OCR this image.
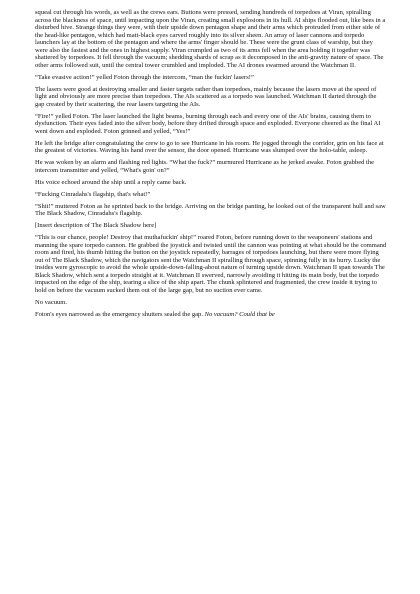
squeal cut through his words, as well as the crews ears. Buttons were pressed, sending hundreds of torpedoes at Viran, spiralling across the blackness of space, until impacting upon the Viran, creating small explosions in its hull. AI ships flooded out, like bees in a disturbed hive. Strange things they were, with their upside down pentagon shape and their arms which protruded from either side of the head-like pentagon, which had matt-black eyes carved roughly into its silver sheen. An array of laser cannons and torpedo launchers lay at the bottom of the pentagon and where the arms' finger should be. These were the grunt class of warship, but they were also the fastest and the ones in highest supply. Viran crumpled as two of its arms fell when the area holding it together was shattered by torpedoes. It fell through the vacuum; shedding shards of scrap as it decomposed in the anti-gravity nature of space. The other arms followed suit, until the central tower crumbled and imploded. The AI drones swarmed around the Watchman II.

“Take evasive action!” yelled Foton through the intercom, “man the fuckin' lasers!”

The lasers were good at destroying smaller and faster targets rather than torpedoes, mainly because the lasers move at the speed of light and obviously are more precise than torpedoes. The AIs scattered as a torpedo was launched. Watchman II darted through the gap created by their scattering, the rear lasers targeting the AIs.

“Fire!” yelled Foton. The laser launched the light beams, burning through each and every one of the AIs' brains, causing them to dysfunction. Their eyes faded into the silver body, before they drifted through space and exploded. Everyone cheered as the final AI went down and exploded. Foton grinned and yelled, “Yes!”

He left the bridge after congratulating the crew to go to see Hurricane in his room. He jogged through the corridor, grin on his face at the greatest of victories. Waving his hand over the sensor, the door opened. Hurricane was slumped over the holo-table, asleep.

He was woken by an alarm and flashing red lights. “What the fuck?” murmured Hurricane as he jerked awake. Foton grabbed the intercom transmitter and yelled, “What's goin' on?”

His voice echoed around the ship until a reply came back.

“Fucking Cinradahs's flagship, that's what!”

“Shit!” muttered Foton as he sprinted back to the bridge. Arriving on the bridge panting, he looked out of the transparent hull and saw The Black Shadow, Cinradahs's flagship.

[Insert description of The Black Shadow here]

“This is our chance, people! Destroy that muthafuckin' ship!” roared Foton, before running down to the weaponeers' stations and manning the spare torpedo cannon. He grabbed the joystick and twisted until the cannon was pointing at what should be the command room and fired, his thumb hitting the button on the joystick repeatedly, barrages of torpedoes launching, but there were more flying out of The Black Shadow, which the navigators sent the Watchman II spiralling through space, spinning fully in its hurry. Lucky the insides were gyroscopic to avoid the whole upside-down-falling-about nature of turning upside down. Watchman II span towards The Black Shadow, which sent a torpedo straight at it. Watchman II swerved, narrowly avoiding it hitting its main body, but the torpedo impacted on the edge of the ship, tearing a slice of the ship apart. The chunk splintered and fragmented, the crew inside it trying to hold on before the vacuum sucked them out of the large gap, but no suction ever came.

No vacuum.

Foton's eyes narrowed as the emergency shutters sealed the gap. No vacuum? Could that be
